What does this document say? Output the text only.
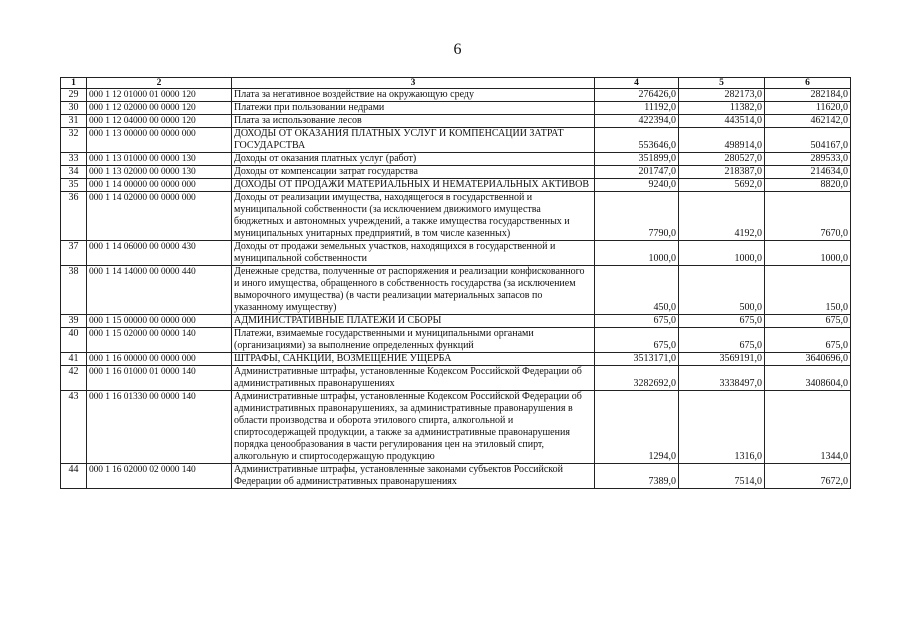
6
1	2	3	4	5	6
29	000 1 12 01000 01 0000 120	Плата за негативное воздействие на окружающую среду	276426,0	282173,0	282184,0
30	000 1 12 02000 00 0000 120	Платежи при пользовании недрами	11192,0	11382,0	11620,0
31	000 1 12 04000 00 0000 120	Плата за использование лесов	422394,0	443514,0	462142,0
32	000 1 13 00000 00 0000 000	ДОХОДЫ ОТ ОКАЗАНИЯ ПЛАТНЫХ УСЛУГ И КОМПЕНСАЦИИ ЗАТРАТ ГОСУДАРСТВА	553646,0	498914,0	504167,0
33	000 1 13 01000 00 0000 130	Доходы от оказания платных услуг (работ)	351899,0	280527,0	289533,0
34	000 1 13 02000 00 0000 130	Доходы от компенсации затрат государства	201747,0	218387,0	214634,0
35	000 1 14 00000 00 0000 000	ДОХОДЫ ОТ ПРОДАЖИ МАТЕРИАЛЬНЫХ И НЕМАТЕРИАЛЬНЫХ АКТИВОВ	9240,0	5692,0	8820,0
36	000 1 14 02000 00 0000 000	Доходы от реализации имущества, находящегося в государственной и муниципальной собственности (за исключением движимого имущества бюджетных и автономных учреждений, а также имущества государственных и муниципальных унитарных предприятий, в том числе казенных)	7790,0	4192,0	7670,0
37	000 1 14 06000 00 0000 430	Доходы от продажи земельных участков, находящихся в государственной и муниципальной собственности	1000,0	1000,0	1000,0
38	000 1 14 14000 00 0000 440	Денежные средства, полученные от распоряжения и реализации конфискованного и иного имущества, обращенного в собственность государства (за исключением выморочного имущества) (в части реализации материальных запасов по указанному имуществу)	450,0	500,0	150,0
39	000 1 15 00000 00 0000 000	АДМИНИСТРАТИВНЫЕ ПЛАТЕЖИ И СБОРЫ	675,0	675,0	675,0
40	000 1 15 02000 00 0000 140	Платежи, взимаемые государственными и муниципальными органами (организациями) за выполнение определенных функций	675,0	675,0	675,0
41	000 1 16 00000 00 0000 000	ШТРАФЫ, САНКЦИИ, ВОЗМЕЩЕНИЕ УЩЕРБА	3513171,0	3569191,0	3640696,0
42	000 1 16 01000 01 0000 140	Административные штрафы, установленные Кодексом Российской Федерации об административных правонарушениях	3282692,0	3338497,0	3408604,0
43	000 1 16 01330 00 0000 140	Административные штрафы, установленные Кодексом Российской Федерации об административных правонарушениях, за административные правонарушения в области производства и оборота этилового спирта, алкогольной и спиртосодержащей продукции, а также за административные правонарушения порядка ценообразования в части регулирования цен на этиловый спирт, алкогольную и спиртосодержащую продукцию	1294,0	1316,0	1344,0
44	000 1 16 02000 02 0000 140	Административные штрафы, установленные законами субъектов Российской Федерации об административных правонарушениях	7389,0	7514,0	7672,0
